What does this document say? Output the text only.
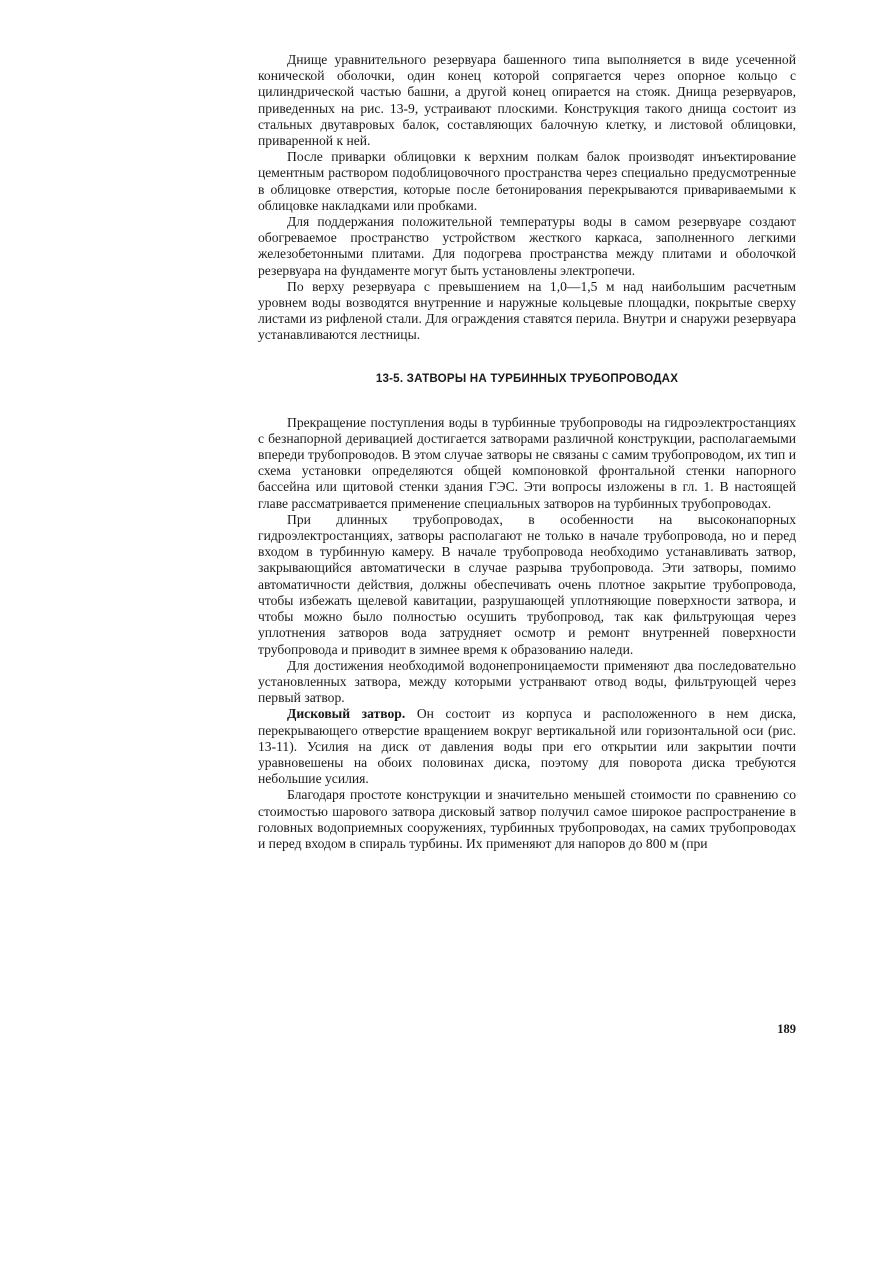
Днище уравнительного резервуара башенного типа выполняется в виде усеченной конической оболочки, один конец которой сопрягается через опорное кольцо с цилиндрической частью башни, а другой конец опирается на стояк. Днища резервуаров, приведенных на рис. 13-9, устраивают плоскими. Конструкция такого днища состоит из стальных двутавровых балок, составляющих балочную клетку, и листовой облицовки, приваренной к ней.

После приварки облицовки к верхним полкам балок производят инъектирование цементным раствором подоблицовочного пространства через специально предусмотренные в облицовке отверстия, которые после бетонирования перекрываются привариваемыми к облицовке накладками или пробками.

Для поддержания положительной температуры воды в самом резервуаре создают обогреваемое пространство устройством жесткого каркаса, заполненного легкими железобетонными плитами. Для подогрева пространства между плитами и оболочкой резервуара на фундаменте могут быть установлены электропечи.

По верху резервуара с превышением на 1,0—1,5 м над наибольшим расчетным уровнем воды возводятся внутренние и наружные кольцевые площадки, покрытые сверху листами из рифленой стали. Для ограждения ставятся перила. Внутри и снаружи резервуара устанавливаются лестницы.

13-5. ЗАТВОРЫ НА ТУРБИННЫХ ТРУБОПРОВОДАХ

Прекращение поступления воды в турбинные трубопроводы на гидроэлектростанциях с безнапорной деривацией достигается затворами различной конструкции, располагаемыми впереди трубопроводов. В этом случае затворы не связаны с самим трубопроводом, их тип и схема установки определяются общей компоновкой фронтальной стенки напорного бассейна или щитовой стенки здания ГЭС. Эти вопросы изложены в гл. 1. В настоящей главе рассматривается применение специальных затворов на турбинных трубопроводах.

При длинных трубопроводах, в особенности на высоконапорных гидроэлектростанциях, затворы располагают не только в начале трубопровода, но и перед входом в турбинную камеру. В начале трубопровода необходимо устанавливать затвор, закрывающийся автоматически в случае разрыва трубопровода. Эти затворы, помимо автоматичности действия, должны обеспечивать очень плотное закрытие трубопровода, чтобы избежать щелевой кавитации, разрушающей уплотняющие поверхности затвора, и чтобы можно было полностью осушить трубопровод, так как фильтрующая через уплотнения затворов вода затрудняет осмотр и ремонт внутренней поверхности трубопровода и приводит в зимнее время к образованию наледи.

Для достижения необходимой водонепроницаемости применяют два последовательно установленных затвора, между которыми устранвают отвод воды, фильтрующей через первый затвор.

Дисковый затвор. Он состоит из корпуса и расположенного в нем диска, перекрывающего отверстие вращением вокруг вертикальной или горизонтальной оси (рис. 13-11). Усилия на диск от давления воды при его открытии или закрытии почти уравновешены на обоих половинах диска, поэтому для поворота диска требуются небольшие усилия.

Благодаря простоте конструкции и значительно меньшей стоимости по сравнению со стоимостью шарового затвора дисковый затвор получил самое широкое распространение в головных водоприемных сооружениях, турбинных трубопроводах, на самих трубопроводах и перед входом в спираль турбины. Их применяют для напоров до 800 м (при

189
